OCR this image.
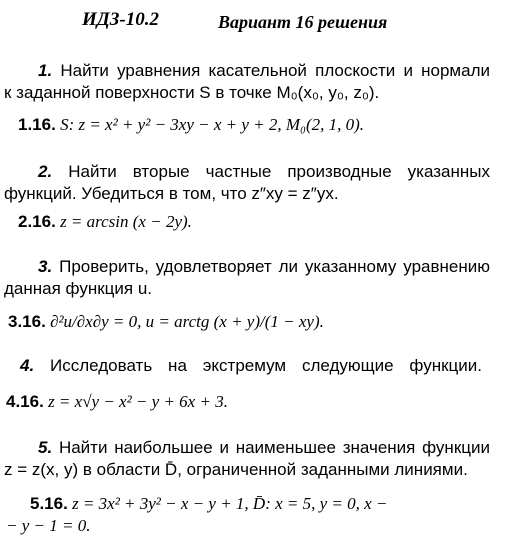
ИДЗ-10.2	Вариант 16 решения
1. Найти уравнения касательной плоскости и нормали
к заданной поверхности S в точке M₀(x₀, y₀, z₀).
1.16. S: z = x² + y² − 3xy − x + y + 2, M₀(2, 1, 0).
2. Найти вторые частные производные указанных
функций. Убедиться в том, что z″xy = z″yx.
2.16. z = arcsin (x − 2y).
3. Проверить, удовлетворяет ли указанному уравнению
данная функция u.
3.16. ∂²u/∂x∂y = 0, u = arctg (x + y)/(1 − xy).
4. Исследовать на экстремум следующие функции.
4.16. z = x√y − x² − y + 6x + 3.
5. Найти наибольшее и наименьшее значения функции
z = z(x, y) в области D̄, ограниченной заданными линиями.
5.16. z = 3x² + 3y² − x − y + 1, D̄: x = 5, y = 0, x −
− y − 1 = 0.
